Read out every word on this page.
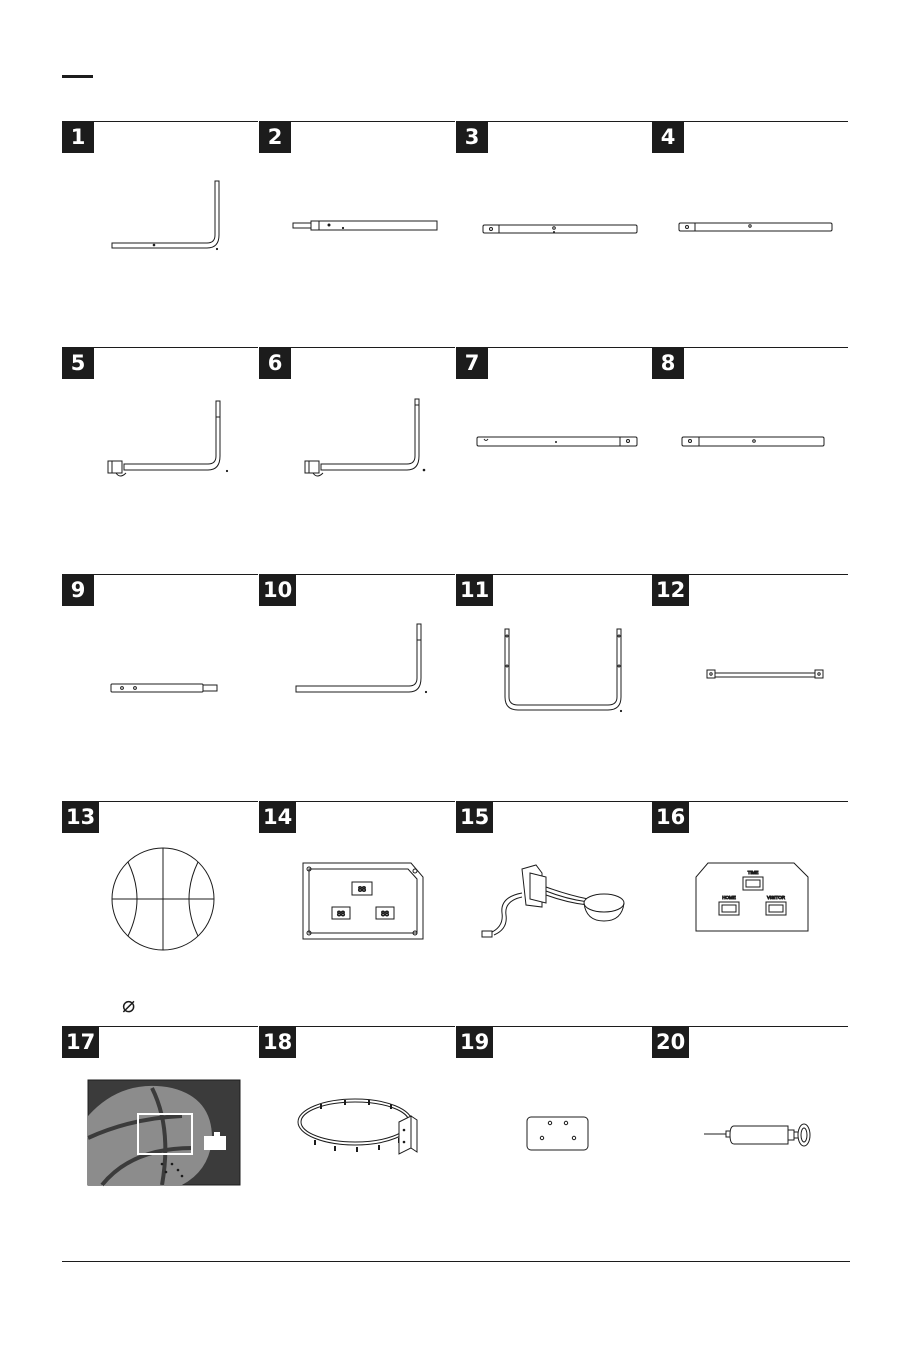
1	2	3	4
5	6	7	8
9	10	11	12
13	14
88
88	88
15	16
TIME
HOME	VISITOR
⌀
17	18	19	20
